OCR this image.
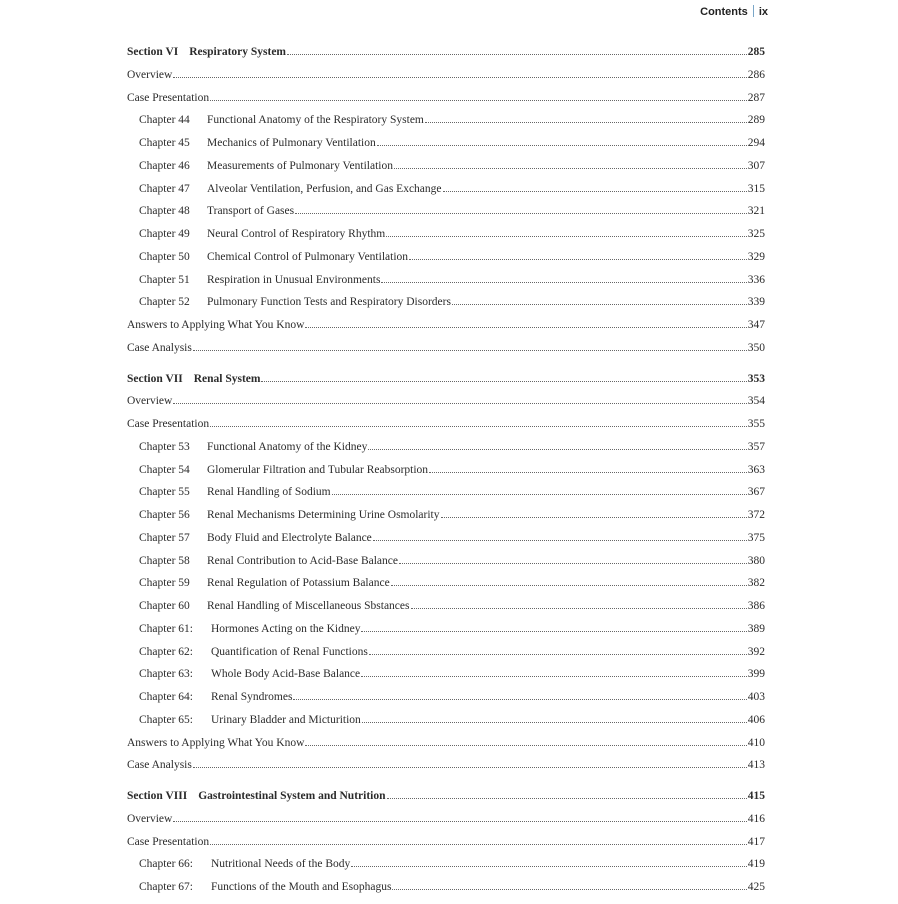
Contents ix
Section VI Respiratory System	285
Overview	286
Case Presentation	287
Chapter 44 Functional Anatomy of the Respiratory System	289
Chapter 45 Mechanics of Pulmonary Ventilation	294
Chapter 46 Measurements of Pulmonary Ventilation	307
Chapter 47 Alveolar Ventilation, Perfusion, and Gas Exchange	315
Chapter 48 Transport of Gases	321
Chapter 49 Neural Control of Respiratory Rhythm	325
Chapter 50 Chemical Control of Pulmonary Ventilation	329
Chapter 51 Respiration in Unusual Environments	336
Chapter 52 Pulmonary Function Tests and Respiratory Disorders	339
Answers to Applying What You Know	347
Case Analysis	350
Section VII Renal System	353
Overview	354
Case Presentation	355
Chapter 53 Functional Anatomy of the Kidney	357
Chapter 54 Glomerular Filtration and Tubular Reabsorption	363
Chapter 55 Renal Handling of Sodium	367
Chapter 56 Renal Mechanisms Determining Urine Osmolarity	372
Chapter 57 Body Fluid and Electrolyte Balance	375
Chapter 58 Renal Contribution to Acid-Base Balance	380
Chapter 59 Renal Regulation of Potassium Balance	382
Chapter 60 Renal Handling of Miscellaneous Sbstances	386
Chapter 61: Hormones Acting on the Kidney	389
Chapter 62: Quantification of Renal Functions	392
Chapter 63: Whole Body Acid-Base Balance	399
Chapter 64: Renal Syndromes	403
Chapter 65: Urinary Bladder and Micturition	406
Answers to Applying What You Know	410
Case Analysis	413
Section VIII Gastrointestinal System and Nutrition	415
Overview	416
Case Presentation	417
Chapter 66: Nutritional Needs of the Body	419
Chapter 67: Functions of the Mouth and Esophagus	425
